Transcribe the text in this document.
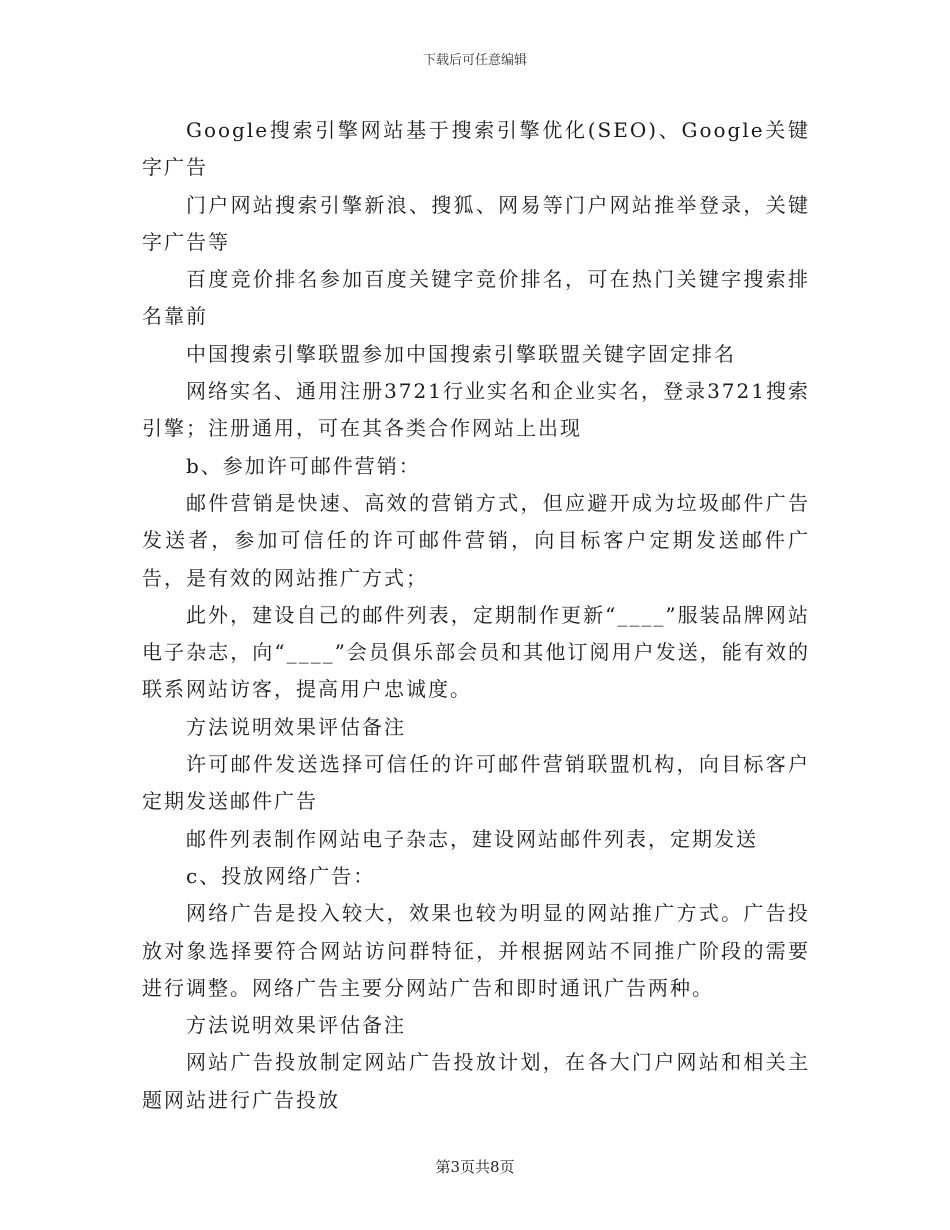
下载后可任意编辑

Google搜索引擎网站基于搜索引擎优化(SEO)、Google关键字广告

门户网站搜索引擎新浪、搜狐、网易等门户网站推举登录，关键字广告等

百度竞价排名参加百度关键字竞价排名，可在热门关键字搜索排名靠前

中国搜索引擎联盟参加中国搜索引擎联盟关键字固定排名

网络实名、通用注册3721行业实名和企业实名，登录3721搜索引擎；注册通用，可在其各类合作网站上出现

b、参加许可邮件营销：

邮件营销是快速、高效的营销方式，但应避开成为垃圾邮件广告发送者，参加可信任的许可邮件营销，向目标客户定期发送邮件广告，是有效的网站推广方式；

此外，建设自己的邮件列表，定期制作更新“____”服装品牌网站电子杂志，向“____”会员俱乐部会员和其他订阅用户发送，能有效的联系网站访客，提高用户忠诚度。

方法说明效果评估备注

许可邮件发送选择可信任的许可邮件营销联盟机构，向目标客户定期发送邮件广告

邮件列表制作网站电子杂志，建设网站邮件列表，定期发送

c、投放网络广告：

网络广告是投入较大，效果也较为明显的网站推广方式。广告投放对象选择要符合网站访问群特征，并根据网站不同推广阶段的需要进行调整。网络广告主要分网站广告和即时通讯广告两种。

方法说明效果评估备注

网站广告投放制定网站广告投放计划，在各大门户网站和相关主题网站进行广告投放

第3页共8页
